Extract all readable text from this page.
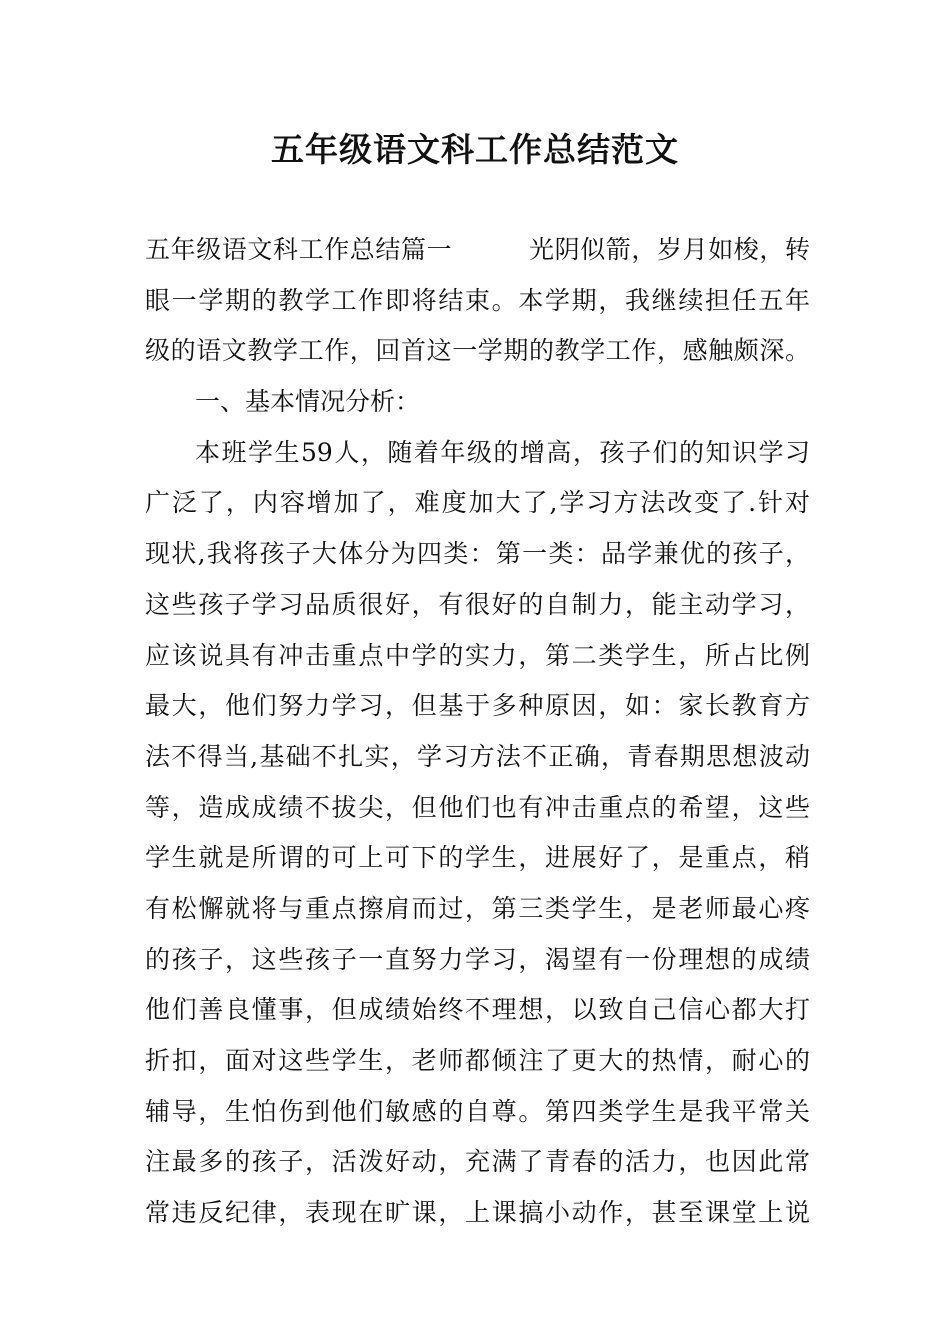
五年级语文科工作总结范文
五年级语文科工作总结篇一　　　光阴似箭，岁月如梭，转
眼一学期的教学工作即将结束。本学期，我继续担任五年
级的语文教学工作，回首这一学期的教学工作，感触颇深。
一、基本情况分析：
本班学生59人，随着年级的增高，孩子们的知识学习
广泛了，内容增加了，难度加大了,学习方法改变了.针对
现状,我将孩子大体分为四类：第一类：品学兼优的孩子，
这些孩子学习品质很好，有很好的自制力，能主动学习，
应该说具有冲击重点中学的实力，第二类学生，所占比例
最大，他们努力学习，但基于多种原因，如：家长教育方
法不得当,基础不扎实，学习方法不正确，青春期思想波动
等，造成成绩不拔尖，但他们也有冲击重点的希望，这些
学生就是所谓的可上可下的学生，进展好了，是重点，稍
有松懈就将与重点擦肩而过，第三类学生，是老师最心疼
的孩子，这些孩子一直努力学习，渴望有一份理想的成绩
他们善良懂事，但成绩始终不理想，以致自己信心都大打
折扣，面对这些学生，老师都倾注了更大的热情，耐心的
辅导，生怕伤到他们敏感的自尊。第四类学生是我平常关
注最多的孩子，活泼好动，充满了青春的活力，也因此常
常违反纪律，表现在旷课，上课搞小动作，甚至课堂上说
